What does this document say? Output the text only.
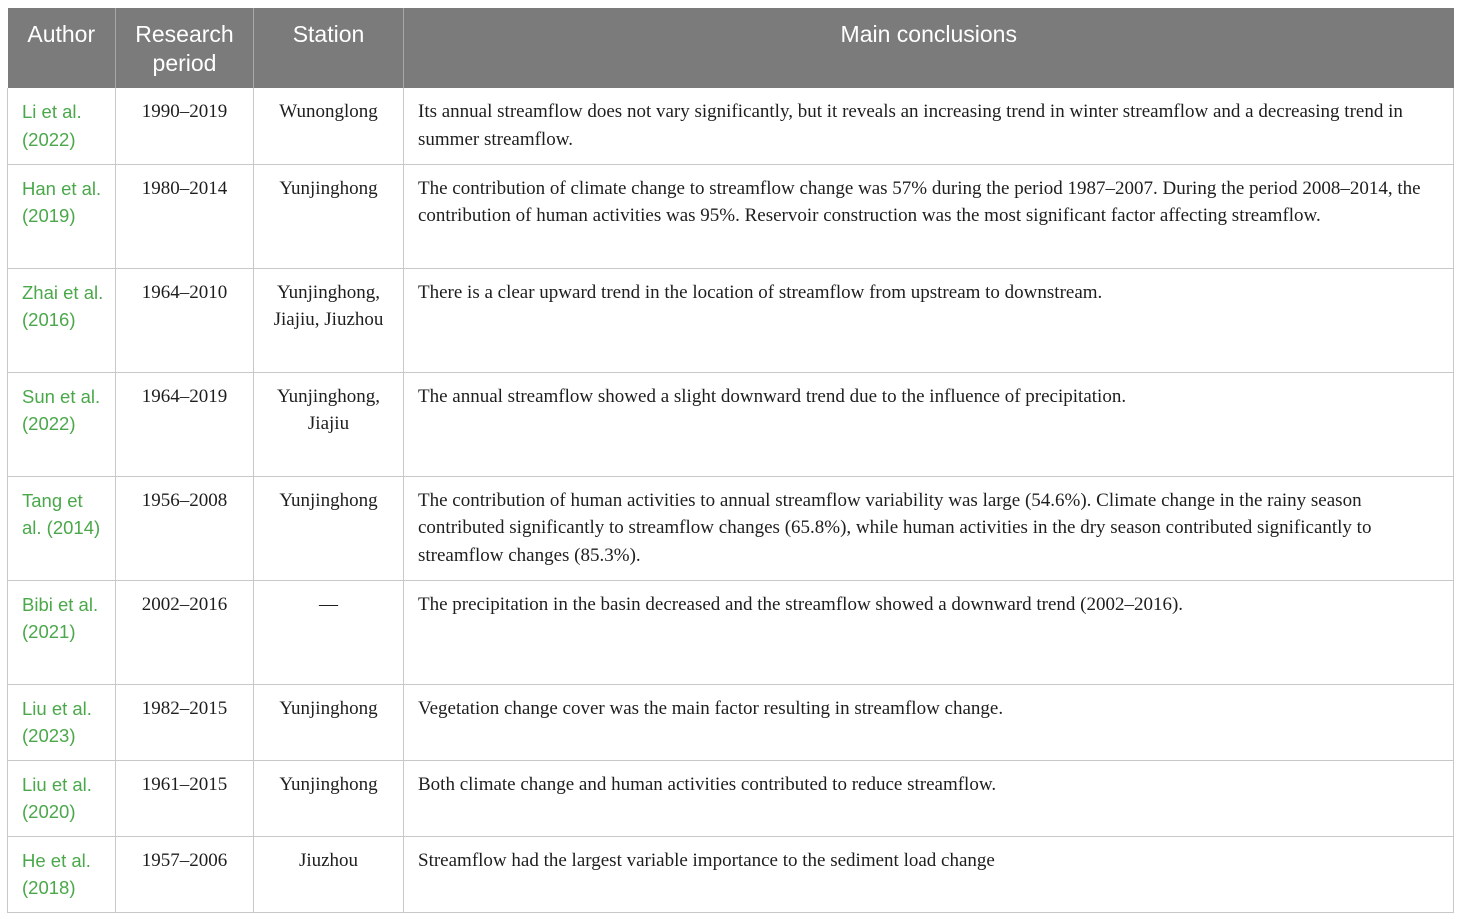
Author	Research period	Station	Main conclusions
Li et al. (2022)	1990–2019	Wunonglong	Its annual streamflow does not vary significantly, but it reveals an increasing trend in winter streamflow and a decreasing trend in summer streamflow.
Han et al. (2019)	1980–2014	Yunjinghong	The contribution of climate change to streamflow change was 57% during the period 1987–2007. During the period 2008–2014, the contribution of human activities was 95%. Reservoir construction was the most significant factor affecting streamflow.
Zhai et al. (2016)	1964–2010	Yunjinghong, Jiajiu, Jiuzhou	There is a clear upward trend in the location of streamflow from upstream to downstream.
Sun et al. (2022)	1964–2019	Yunjinghong, Jiajiu	The annual streamflow showed a slight downward trend due to the influence of precipitation.
Tang et al. (2014)	1956–2008	Yunjinghong	The contribution of human activities to annual streamflow variability was large (54.6%). Climate change in the rainy season contributed significantly to streamflow changes (65.8%), while human activities in the dry season contributed significantly to streamflow changes (85.3%).
Bibi et al. (2021)	2002–2016	—	The precipitation in the basin decreased and the streamflow showed a downward trend (2002–2016).
Liu et al. (2023)	1982–2015	Yunjinghong	Vegetation change cover was the main factor resulting in streamflow change.
Liu et al. (2020)	1961–2015	Yunjinghong	Both climate change and human activities contributed to reduce streamflow.
He et al. (2018)	1957–2006	Jiuzhou	Streamflow had the largest variable importance to the sediment load change
